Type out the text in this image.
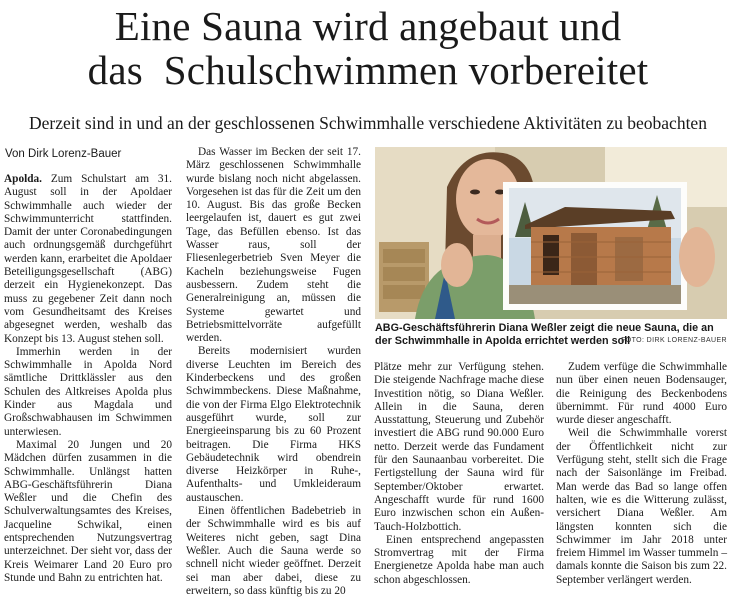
Eine Sauna wird angebaut und
das  Schulschwimmen vorbereitet
Derzeit sind in und an der geschlossenen Schwimmhalle verschiedene Aktivitäten zu beobachten
Von Dirk Lorenz-Bauer

Apolda. Zum Schulstart am 31. August soll in der Apoldaer Schwimmhalle auch wieder der Schwimmunterricht stattfinden. Damit der unter Coronabedingungen auch ordnungsgemäß durchgeführt werden kann, erarbeitet die Apoldaer Beteiligungsgesellschaft (ABG) derzeit ein Hygienekonzept. Das muss zu gegebener Zeit dann noch vom Gesundheitsamt des Kreises abgesegnet werden, weshalb das Konzept bis 13. August stehen soll.

Immerhin werden in der Schwimmhalle in Apolda Nord sämtliche Drittklässler aus den Schulen des Altkreises Apolda plus Kinder aus Magdala und Großschwabhausen im Schwimmen unterwiesen.

Maximal 20 Jungen und 20 Mädchen dürfen zusammen in die Schwimmhalle. Unlängst hatten ABG-Geschäftsführerin Diana Weßler und die Chefin des Schulverwaltungsamtes des Kreises, Jacqueline Schwikal, einen entsprechenden Nutzungsvertrag unterzeichnet. Der sieht vor, dass der Kreis Weimarer Land 20 Euro pro Stunde und Bahn zu entrichten hat.

Das Wasser im Becken der seit 17. März geschlossenen Schwimmhalle wurde bislang noch nicht abgelassen. Vorgesehen ist das für die Zeit um den 10. August. Bis das große Becken leergelaufen ist, dauert es gut zwei Tage, das Befüllen ebenso. Ist das Wasser raus, soll der Fliesenlegerbetrieb Sven Meyer die Kacheln beziehungsweise Fugen ausbessern. Zudem steht die Generalreinigung an, müssen die Systeme gewartet und Betriebsmittelvorräte aufgefüllt werden.

Bereits modernisiert wurden diverse Leuchten im Bereich des Kinderbeckens und des großen Schwimmbeckens. Diese Maßnahme, die von der Firma Elgo Elektrotechnik ausgeführt wurde, soll zur Energieeinsparung bis zu 60 Prozent beitragen. Die Firma HKS Gebäudetechnik wird obendrein diverse Heizkörper in Ruhe-, Aufenthalts- und Umkleideraum austauschen.

Einen öffentlichen Badebetrieb in der Schwimmhalle wird es bis auf Weiteres nicht geben, sagt Dina Weßler. Auch die Sauna werde so schnell nicht wieder geöffnet. Derzeit sei man aber dabei, diese zu erweitern, so dass künftig bis zu 20

ABG-Geschäftsführerin Diana Weßler zeigt die neue Sauna, die an der Schwimmhalle in Apolda errichtet werden soll
FOTO: DIRK LORENZ-BAUER

Plätze mehr zur Verfügung stehen. Die steigende Nachfrage mache diese Investition nötig, so Diana Weßler. Allein in die Sauna, deren Ausstattung, Steuerung und Zubehör investiert die ABG rund 90.000 Euro netto. Derzeit werde das Fundament für den Saunaanbau vorbereitet. Die Fertigstellung der Sauna wird für September/Oktober erwartet. Angeschafft wurde für rund 1600 Euro inzwischen schon ein Außen-Tauch-Holzbottich.

Einen entsprechend angepassten Stromvertrag mit der Firma Energienetze Apolda habe man auch schon abgeschlossen.

Zudem verfüge die Schwimmhalle nun über einen neuen Bodensauger, die Reinigung des Beckenbodens übernimmt. Für rund 4000 Euro wurde dieser angeschafft.

Weil die Schwimmhalle vorerst der Öffentlichkeit nicht zur Verfügung steht, stellt sich die Frage nach der Saisonlänge im Freibad. Man werde das Bad so lange offen halten, wie es die Witterung zulässt, versichert Diana Weßler. Am längsten konnten sich die Schwimmer im Jahr 2018 unter freiem Himmel im Wasser tummeln – damals konnte die Saison bis zum 22. September verlängert werden.
